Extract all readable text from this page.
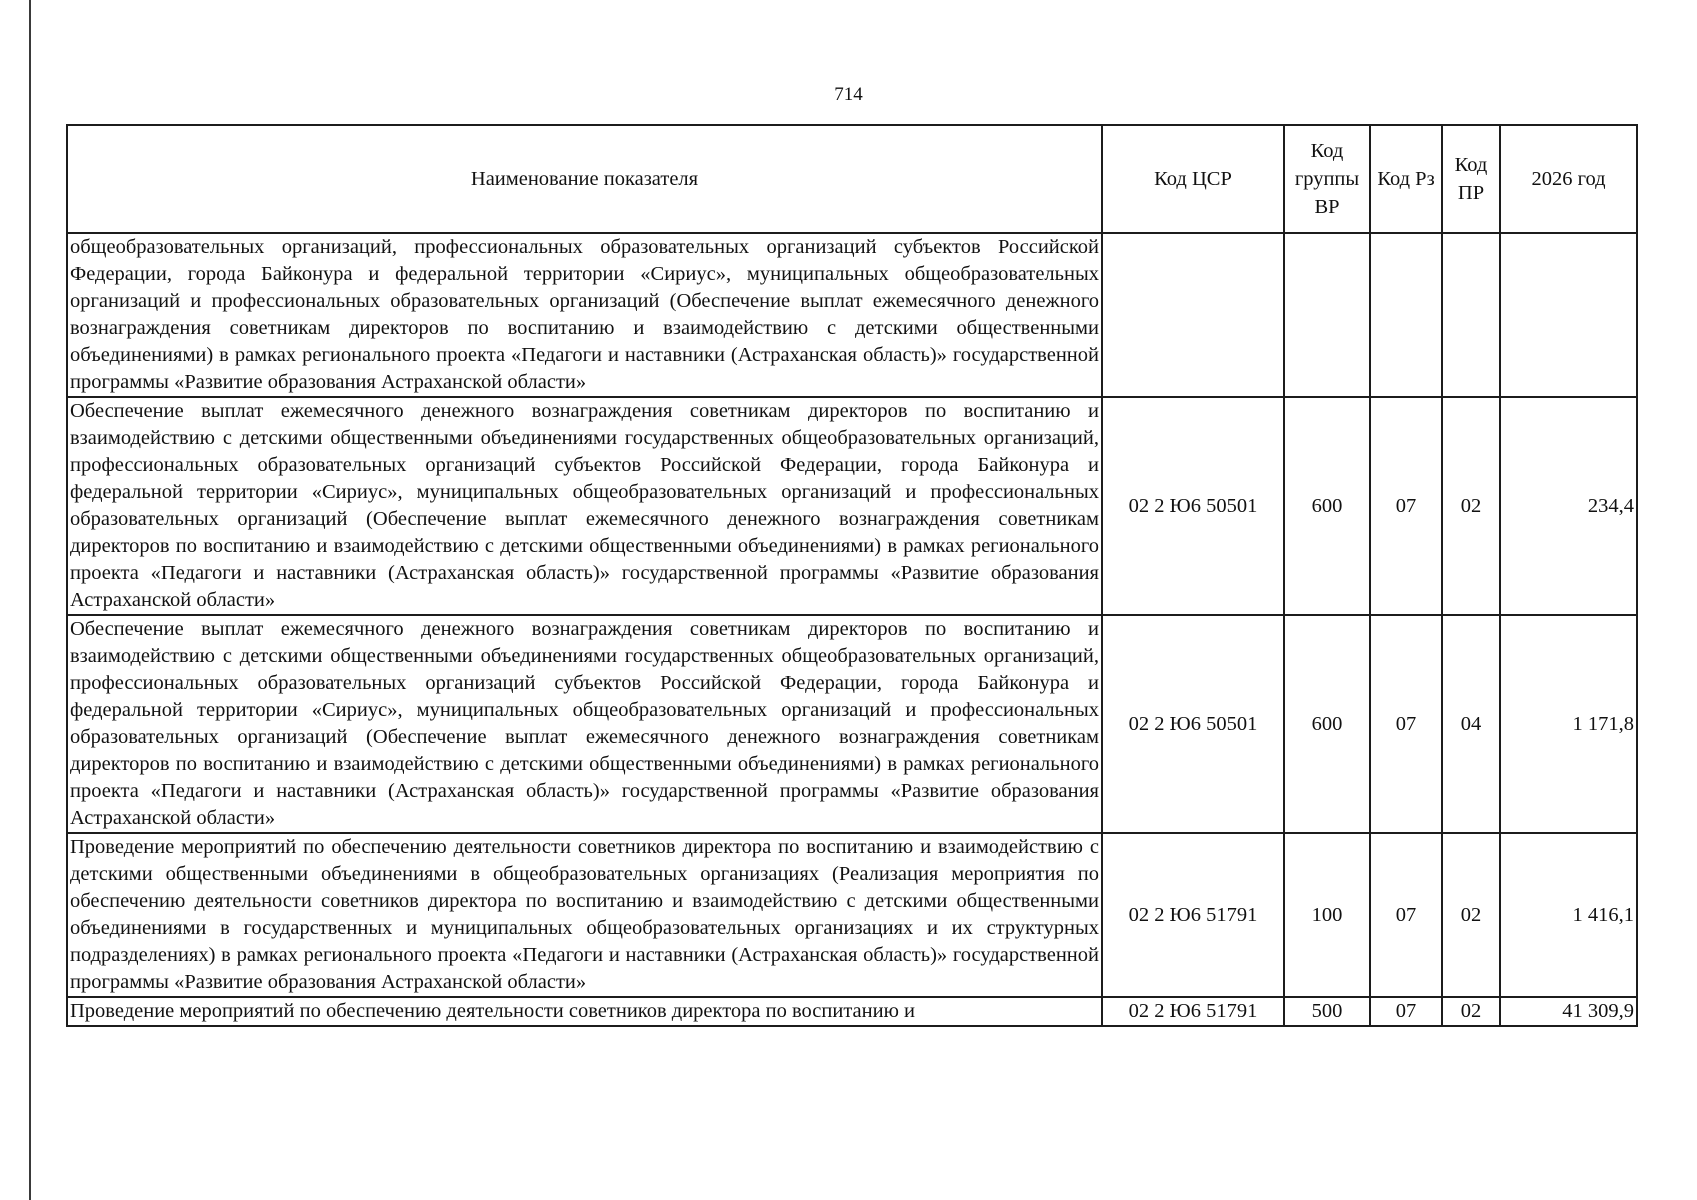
714
Наименование показателя	Код ЦСР	Код группы ВР	Код Рз	Код ПР	2026 год
общеобразовательных организаций, профессиональных образовательных организаций субъектов Российской Федерации, города Байконура и федеральной территории «Сириус», муниципальных общеобразовательных организаций и профессиональных образовательных организаций (Обеспечение выплат ежемесячного денежного вознаграждения советникам директоров по воспитанию и взаимодействию с детскими общественными объединениями) в рамках регионального проекта «Педагоги и наставники (Астраханская область)» государственной программы «Развитие образования Астраханской области»					
Обеспечение выплат ежемесячного денежного вознаграждения советникам директоров по воспитанию и взаимодействию с детскими общественными объединениями государственных общеобразовательных организаций, профессиональных образовательных организаций субъектов Российской Федерации, города Байконура и федеральной территории «Сириус», муниципальных общеобразовательных организаций и профессиональных образовательных организаций (Обеспечение выплат ежемесячного денежного вознаграждения советникам директоров по воспитанию и взаимодействию с детскими общественными объединениями) в рамках регионального проекта «Педагоги и наставники (Астраханская область)» государственной программы «Развитие образования Астраханской области»	02 2 Ю6 50501	600	07	02	234,4
Обеспечение выплат ежемесячного денежного вознаграждения советникам директоров по воспитанию и взаимодействию с детскими общественными объединениями государственных общеобразовательных организаций, профессиональных образовательных организаций субъектов Российской Федерации, города Байконура и федеральной территории «Сириус», муниципальных общеобразовательных организаций и профессиональных образовательных организаций (Обеспечение выплат ежемесячного денежного вознаграждения советникам директоров по воспитанию и взаимодействию с детскими общественными объединениями) в рамках регионального проекта «Педагоги и наставники (Астраханская область)» государственной программы «Развитие образования Астраханской области»	02 2 Ю6 50501	600	07	04	1 171,8
Проведение мероприятий по обеспечению деятельности советников директора по воспитанию и взаимодействию с детскими общественными объединениями в общеобразовательных организациях (Реализация мероприятия по обеспечению деятельности советников директора по воспитанию и взаимодействию с детскими общественными объединениями в государственных и муниципальных общеобразовательных организациях и их структурных подразделениях) в рамках регионального проекта «Педагоги и наставники (Астраханская область)» государственной программы «Развитие образования Астраханской области»	02 2 Ю6 51791	100	07	02	1 416,1
Проведение мероприятий по обеспечению деятельности советников директора по воспитанию и	02 2 Ю6 51791	500	07	02	41 309,9
